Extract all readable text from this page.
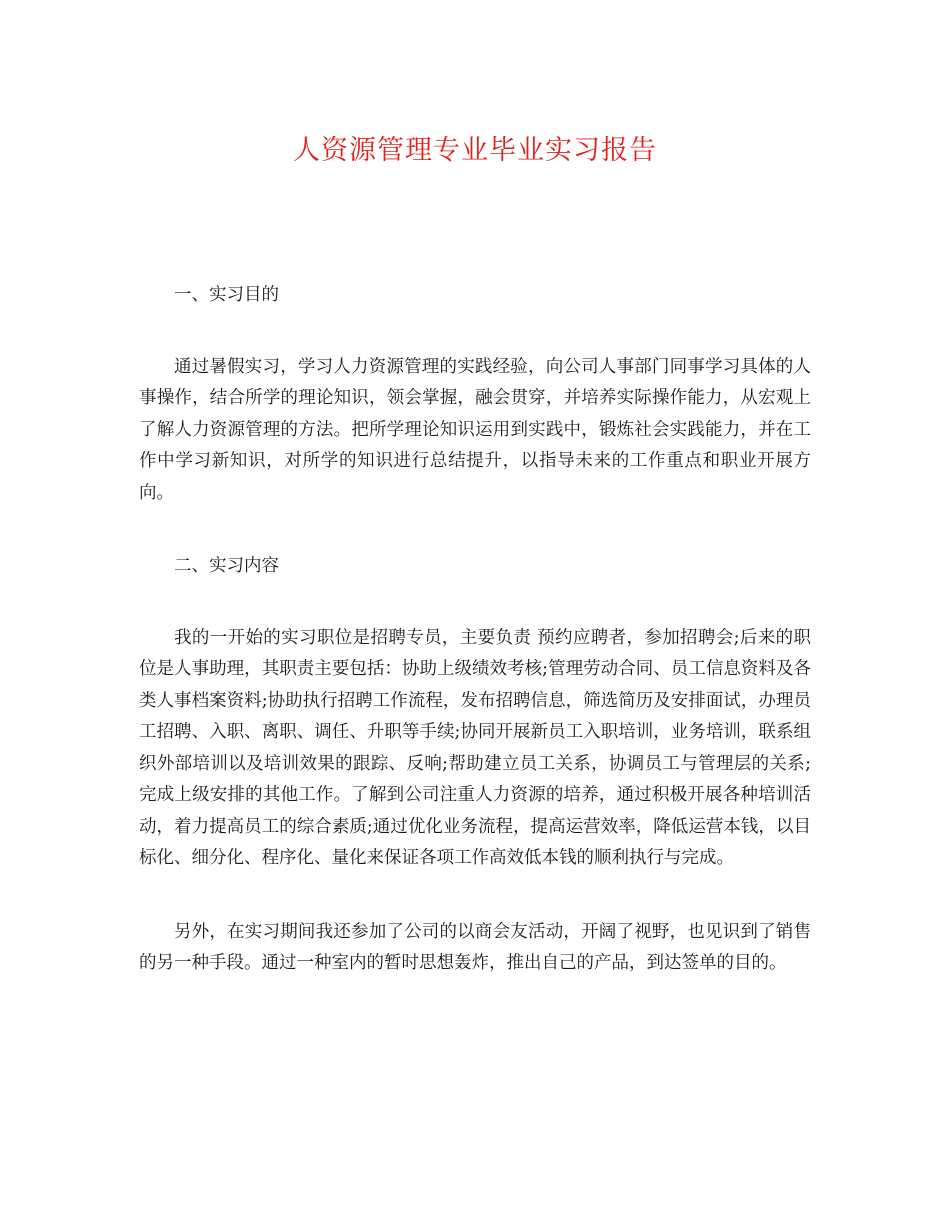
人资源管理专业毕业实习报告
一、实习目的

通过暑假实习，学习人力资源管理的实践经验，向公司人事部门同事学习具体的人事操作，结合所学的理论知识，领会掌握，融会贯穿，并培养实际操作能力，从宏观上了解人力资源管理的方法。把所学理论知识运用到实践中，锻炼社会实践能力，并在工作中学习新知识，对所学的知识进行总结提升，以指导未来的工作重点和职业开展方向。

二、实习内容

我的一开始的实习职位是招聘专员，主要负责 预约应聘者，参加招聘会;后来的职位是人事助理，其职责主要包括：协助上级绩效考核;管理劳动合同、员工信息资料及各类人事档案资料;协助执行招聘工作流程，发布招聘信息，筛选简历及安排面试，办理员工招聘、入职、离职、调任、升职等手续;协同开展新员工入职培训，业务培训，联系组织外部培训以及培训效果的跟踪、反响;帮助建立员工关系，协调员工与管理层的关系;完成上级安排的其他工作。了解到公司注重人力资源的培养，通过积极开展各种培训活动，着力提高员工的综合素质;通过优化业务流程，提高运营效率，降低运营本钱，以目标化、细分化、程序化、量化来保证各项工作高效低本钱的顺利执行与完成。

另外，在实习期间我还参加了公司的以商会友活动，开阔了视野，也见识到了销售的另一种手段。通过一种室内的暂时思想轰炸，推出自己的产品，到达签单的目的。
